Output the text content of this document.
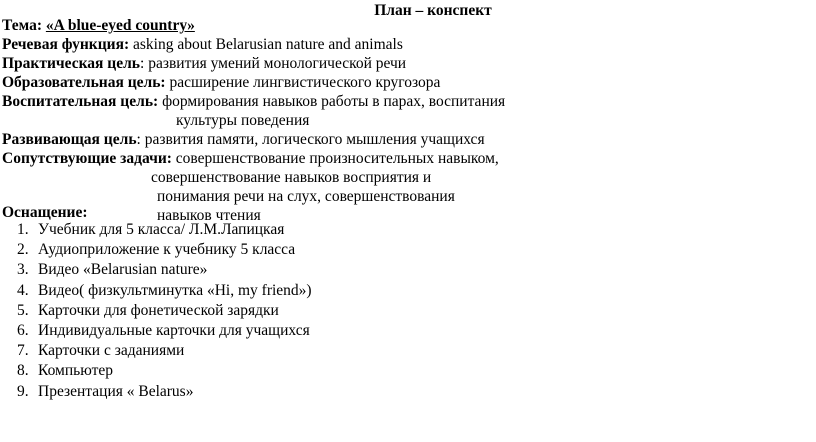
План – конспект
Тема: «A blue-eyed country»
Речевая функция: asking about Belarusian nature and animals
Практическая цель: развития умений монологической речи
Образовательная цель: расширение лингвистического кругозора
Воспитательная цель: формирования навыков работы в парах, воспитания
культуры поведения
Развивающая цель: развития памяти, логического мышления учащихся
Сопутствующие задачи: совершенствование произносительных навыком,
совершенствование навыков восприятия и
понимания речи на слух, совершенствования
навыков чтения
Оснащение:
1. Учебник для 5 класса/ Л.М.Лапицкая
2. Аудиоприложение к учебнику 5 класса
3. Видео «Belarusian nature»
4. Видео( физкультминутка «Hi, my friend»)
5. Карточки для фонетической зарядки
6. Индивидуальные карточки для учащихся
7. Карточки с заданиями
8. Компьютер
9. Презентация « Belarus»
